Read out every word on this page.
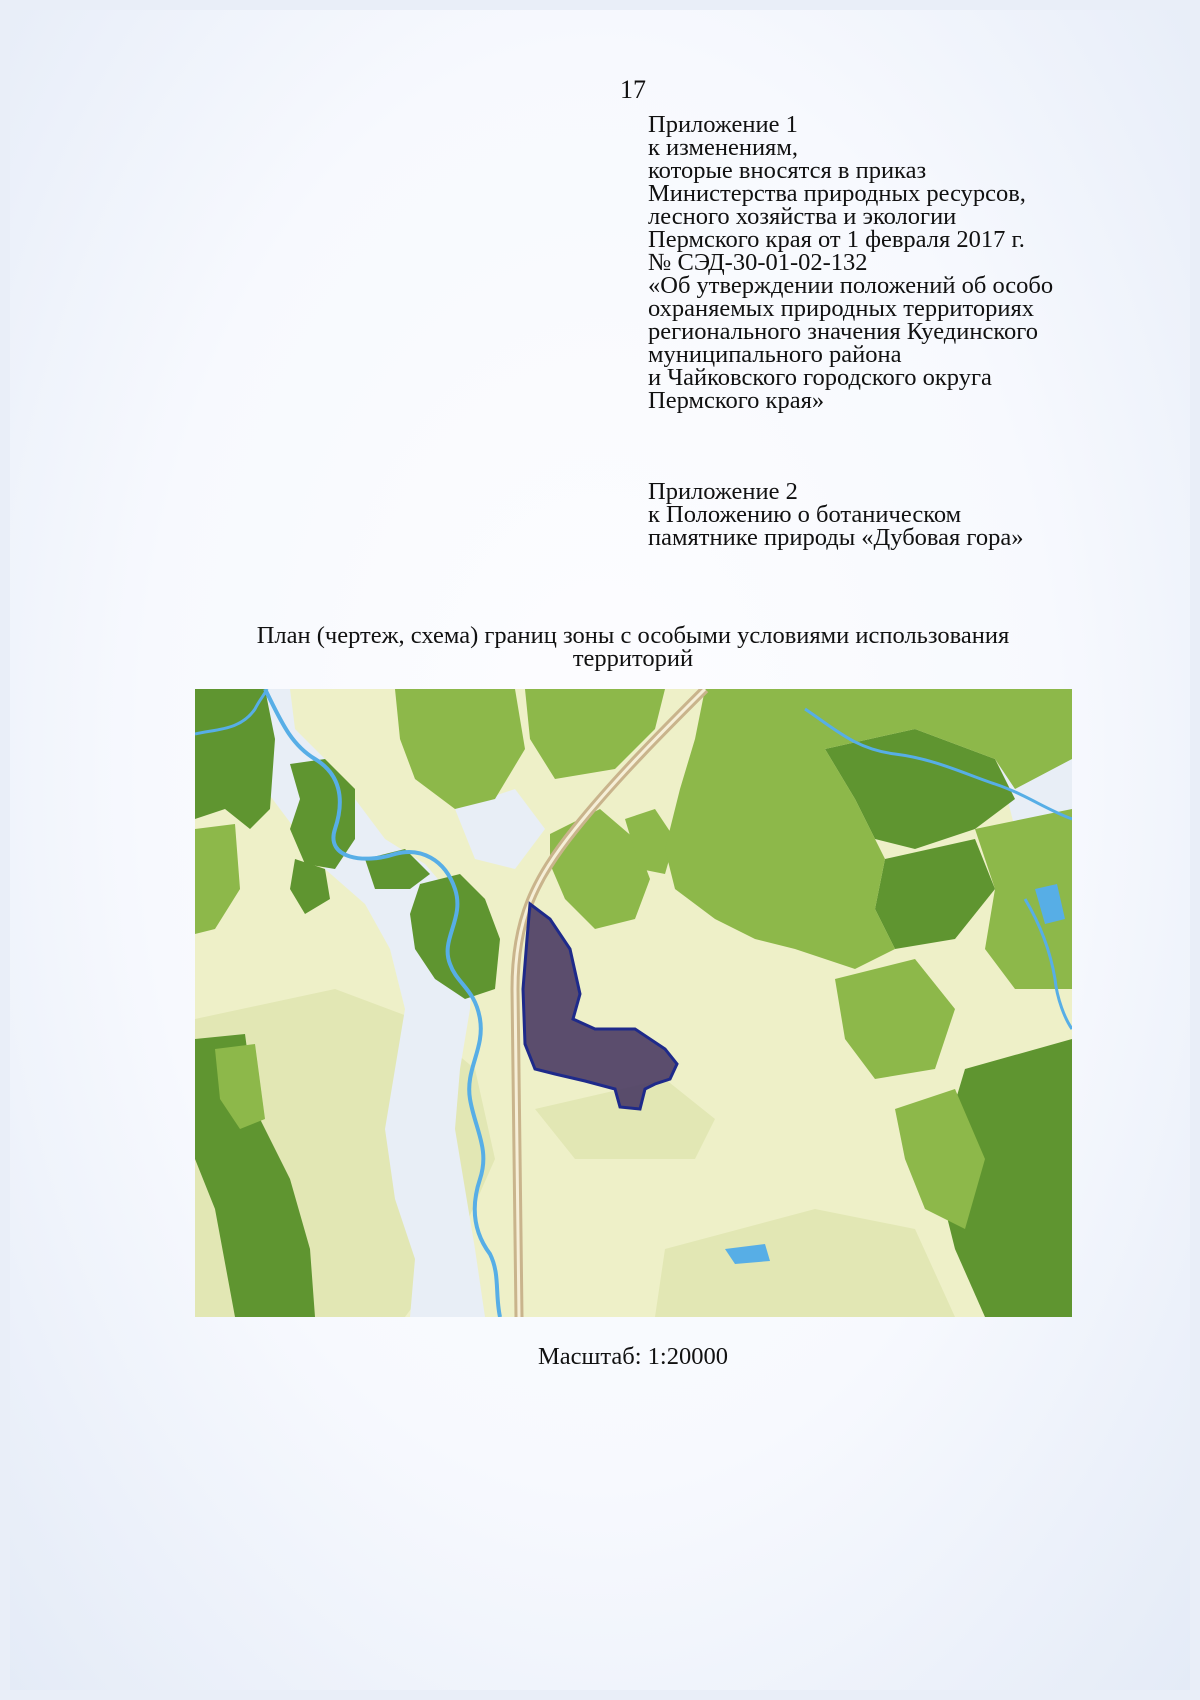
17
Приложение 1
к изменениям,
которые вносятся в приказ
Министерства природных ресурсов,
лесного хозяйства и экологии
Пермского края от 1 февраля 2017 г.
№ СЭД-30-01-02-132
«Об утверждении положений об особо
охраняемых природных территориях
регионального значения Куединского
муниципального района
и Чайковского городского округа
Пермского края»
Приложение 2
к Положению о ботаническом
памятнике природы «Дубовая гора»
План (чертеж, схема) границ зоны с особыми условиями использования
территорий
Масштаб: 1:20000
